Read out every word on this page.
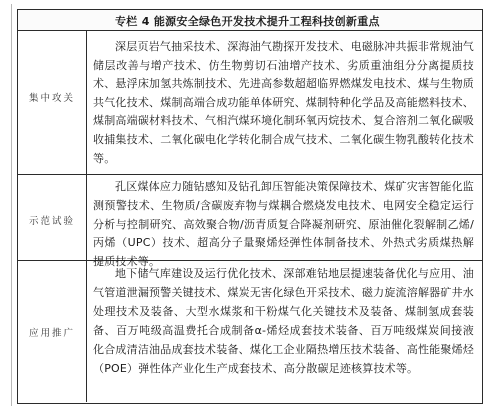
专栏 4 能源安全绿色开发技术提升工程科技创新重点
集中攻关

深层页岩气抽采技术、深海油气勘探开发技术、电磁脉冲共振非常规油气储层改善与增产技术、仿生物剪切石油增产技术、劣质重油组分分离提质技术、悬浮床加氢共炼制技术、先进高参数超超临界燃煤发电技术、煤与生物质共气化技术、煤制高端合成功能单体研究、煤制特种化学品及高能燃料技术、煤制高端碳材料技术、气相汽煤环境化制环氧丙烷技术、复合溶剂二氧化碳吸收捕集技术、二氧化碳电化学转化制合成气技术、二氧化碳生物乳酸转化技术等。

示范试验

孔区煤体应力随钻感知及钻孔卸压智能决策保障技术、煤矿灾害智能化监测预警技术、生物质/含碳废弃物与煤耦合燃烧发电技术、电网安全稳定运行分析与控制研究、高效聚合物/沥青质复合降凝剂研究、原油催化裂解制乙烯/丙烯（UPC）技术、超高分子量聚烯烃弹性体制备技术、外热式劣质煤热解提质技术等。

应用推广

地下储气库建设及运行优化技术、深部难钻地层提速装备优化与应用、油气管道泄漏预警关键技术、煤炭无害化绿色开采技术、磁力旋流溶解器矿井水处理技术及装备、大型水煤浆和干粉煤气化关键技术及装备、煤制氢成套装备、百万吨级高温费托合成制备α-烯烃成套技术装备、百万吨级煤炭间接液化合成清洁油品成套技术装备、煤化工企业隔热增压技术装备、高性能聚烯烃（POE）弹性体产业化生产成套技术、高分散碳足迹核算技术等。
